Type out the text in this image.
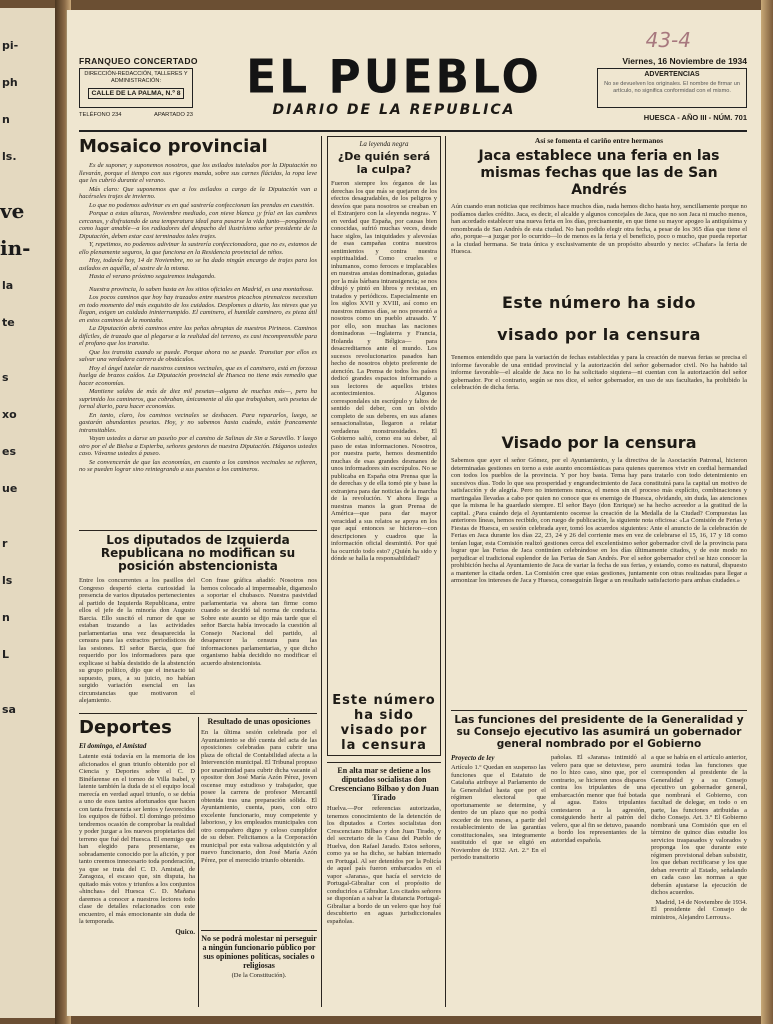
pi-
ph
n
ls.
ve
in-
la
te
s
xo
es
ue
r
ls
n
L
sa
43-4
FRANQUEO CONCERTADO
DIRECCIÓN-REDACCIÓN, TALLERES Y ADMINISTRACIÓN:
CALLE DE LA PALMA, N.º 8
TELÉFONO 234	APARTADO 23
EL PUEBLO
DIARIO DE LA REPUBLICA
Viernes, 16 Noviembre de 1934
ADVERTENCIAS
No se devuelven los originales. El nombre de firmar un artículo, no significa conformidad con el mismo.
HUESCA - AÑO III - NÚM. 701
Mosaico provincial

Es de suponer, y suponemos nosotros, que los asilados tutelados por la Diputación no llevarán, porque el tiempo con sus rigores manda, sobre sus carnes flácidas, la ropa leve que les cubrió durante el verano.

Más claro: Que suponemos que a los asilados a cargo de la Diputación van a hacérseles trajes de invierno.

Lo que no podemos adivinar es en qué sastrería confeccionan las prendas en cuestión.

Porque a estas alturas, Noviembre mediado, con nieve blanca ¡y fría! en las cumbres cercanas, y disfrutando de una temperatura ideal para pasarse la vida junto—pongámoslo como lugar amable—a los radiadores del despacho del ilustrísimo señor presidente de la Diputación, deben estar casi terminados tales trajes.

Y, repetimos, no podemos adivinar la sastrería confeccionadora, que no es, estamos de ello plenamente seguros, la que funciona en la Residencia provincial de niños.

Hoy, todavía hoy, 14 de Noviembre, no se ha dado ningún encargo de trajes para los asilados en aquélla, al sastre de la misma.

Hasta el verano próximo seguiremos indagando.

Nuestra provincia, lo saben hasta en los sitios oficiales en Madrid, es una montañosa.

Los pocos caminos que hoy hay trazados entre nuestros picachos pirenaicos necesitan en todo momento del más exquisito de los cuidados. Desplomes a diario, las nieves que ya llegan, exigen un cuidado ininterrumpido. El caminero, el humilde caminero, es pieza útil en estos caminos de la montaña.

La Diputación abrió caminos entre las peñas abruptas de nuestros Pirineos. Caminos difíciles, de trazado que al plegarse a la realidad del terreno, es casi incomprensible para el profano que los transita.

Que los transita cuando se puede. Porque ahora no se puede. Transitar por ellos es salvar una verdadera carrera de obstáculos.

Hoy el ángel tutelar de nuestros caminos vecinales, que es el caminero, está en forzosa huelga de brazos caídos. La Diputación provincial de Huesca no tiene más remedio que hacer economías.

Mantiene saldos de más de diez mil pesetas—alguna de muchas más—, pero ha suprimido los camineros, que cobraban, únicamente al día que trabajaban, seis pesetas de jornal diario, para hacer economías.

En tanto, claro, los caminos vecinales se deshacen. Para repararlos, luego, se gastarán abundantes pesetas. Hoy, y no sabemos hasta cuándo, están francamente intransitables.

Vayan ustedes a darse un paseíto por el camino de Salinas de Sin a Saravillo. Y luego otro por el de Bielsa a Espierba, señores gestores de nuestra Diputación. Háganos ustedes caso. Vávanse ustedes á paseo.

Se convencerán de que las economías, en cuanto a los caminos vecinales se refieren, no se pueden lograr sino reintegrando a sus puestos a los camineros.

Los diputados de Izquierda Republicana no modifican su posición abstencionista
Entre los concurrentes a los pasillos del Congreso despertó cierta curiosidad la presencia de varios diputados pertenecientes al partido de Izquierda Republicana, entre ellos el jefe de la minoría don Augusto Barcia. Ello suscitó el rumor de que se estaban trazando a las actividades parlamentarias una vez desaparecida la censura para las extractos periodísticos de las sesiones. El señor Barcia, que fué requerido por los informadores para que explicase si había desistido de la abstención su grupo político, dijo que el inexacto tal supuesto, pues, a su juicio, no habían surgido variación esencial en las circunstancias que motivaron el alejamiento.
Con frase gráfica añadió: Nosotros nos hemos colocado al impermeable, digamoslo a soportar el chubasco. Nuestra pasividad parlamentaria va ahora tan firme como cuando se decidió tal norma de conducta. Sobre este asunto se dijo más tarde que el señor Barcia había invocado la cuestión al Consejo Nacional del partido, al desaparecer la censura para las informaciones parlamentarias, y que dicho organismo había decidido no modificar el acuerdo abstencionista.
Deportes
El domingo, el Amistad
Latente está todavía en la memoria de los aficionados el gran triunfo obtenido por el Ciencia y Deportes sobre el C. D Binéfarense en el torneo de Villa Isabel, y latente también la duda de si el equipo local merecía en verdad aquel triunfo, o se debía a uno de esos tantos afortunados que hacen con tanta frecuencia ser lentos y favorecidos los equipos de fútbol. El domingo próximo tendremos ocasión de comprobar la realidad y poder juzgar a los nuevos propietarios del terreno que fué del Huesca. El enemigo que han elegido para presentarse, es sobradamente conocido por la afición, y por tanto creemos innecesario toda ponderación, ya que se trata del C. D. Amistad, de Zaragoza, el escaso que, sin disputa, ha quitado más votos y triunfos a los conjuntos «hinchas» del Huesca C. D. Mañana daremos a conocer a nuestros lectores todo clase de detalles relacionados con este encuentro, el más emocionante sin duda de la temporada.
Quico.
Resultado de unas oposiciones
En la última sesión celebrada por el Ayuntamiento se dió cuenta del acta de las oposiciones celebradas para cubrir una plaza de oficial de Contabilidad afecta a la Intervención municipal. El Tribunal propuso por unanimidad para cubrir dicha vacante al opositor don José María Azón Pérez, joven oscense muy estudioso y trabajador, que posee la carrera de profesor Mercantil obtenida tras una preparación sólida. El Ayuntamiento, cuenta, pues, con otro excelente funcionario, muy competente y laborioso, y los empleados municipales con otro compañero digno y celoso cumplidor de su deber. Felicitamos a la Corporación municipal por esta valiosa adquisición y al nuevo funcionario, don José María Azón Pérez, por el merecido triunfo obtenido.
No se podrá molestar ni perseguir a ningún funcionario público por sus opiniones políticas, sociales o religiosas
(De la Constitución).
La leyenda negra
¿De quién será la culpa?
Fueron siempre los órganos de las derechas los que más se quejaron de los efectos desagradables, de los peligros y desvíos que para nosotros se creaban en el Extranjero con la «leyenda negra». Y en verdad que España, por causas bien conocidas, sufrió muchas veces, desde hace siglos, las iniquidades y alevosías de esas campañas contra nuestros sentimientos y contra nuestra espiritualidad. Como crueles e inhumanos, como feroces e implacables en nuestras ansias dominadoras, guiadas por la más bárbara intransigencia; se nos dibujó y pintó en libros y revistas, en tratados y periódicos. Especialmente en los siglos XVII y XVIII, así como en nuestros mismos días, se nos presentó a nosotros como un pueblo atrasado. Y por ello, son muchas las naciones dominadoras —Inglaterra y Francia, Holanda y Bélgica— para desacreditarnos ante el mundo. Los sucesos revolucionarios pasados han hecho de nosotros objeto preferente de atención. La Prensa de todos los países dedicó grandes espacios informando a sus lectores de aquellos tristes acontecimientos. Algunos correspondales sin escrúpulo y faltos de sentido del deber, con un olvido completo de sus deberes, en sus afanes sensacionalistas, llegaron a relatar verdaderas monstruosidades. El Gobierno salió, como era su deber, al paso de estas informaciones. Nosotros, por nuestra parte, hemos desmentido muchas de esas grandes desmanes de unos informadores sin escrúpulos. No se publicaba en España otra Prensa que la de derechas y de ella tomó pie y base la extranjera para dar noticias de la marcha de la revolución. Y ahora llega a nuestras manos la gran Prensa de América—que para dar mayor veracidad a sus relatos se apoya en los que aquí entonces se hicieron—con descripciones y cuadros que la información oficial desmintió. Por qué ha ocurrido todo esto? ¿Quién ha sido y dónde se halla la responsabilidad?
Este número ha sido visado por la censura
En alta mar se detiene a los diputados socialistas don Crescenciano Bilbao y don Juan Tirado
Huelva.—Por referencias autorizadas, tenemos conocimiento de la detención de los diputados a Cortes socialistas don Crescenciano Bilbao y don Juan Tirado, y del secretario de la Casa del Pueblo de Huelva, don Rafael Jarado. Estos señores, como ya se ha dicho, se habían internado en Portugal. Al ser detenidos por la Policía de aquel país fueron embarcados en el vapor «Jarana», que hacía el servicio de Portugal-Gibraltar con el propósito de conducirlos a Gibraltar. Los citados señores se disponían a salvar la distancia Portugal-Gibraltar a bordo de un velero que hoy fué descubierto en aguas jurisdiccionales españolas.
Así se fomenta el cariño entre hermanos
Jaca establece una feria en las mismas fechas que las de San Andrés
Aún cuando eran noticias que recibimos hace muchos días, nada hemos dicho hasta hoy, sencillamente porque no podíamos darles crédito. Jaca, es decir, el alcalde y algunos concejales de Jaca, que no son Jaca ni mucho menos, han acordado establecer una nueva feria en los días, precisamente, en que tiene su mayor apogeo la antiquísima y renombrada de San Andrés de esta ciudad. No han podido elegir otra fecha, a pesar de los 365 días que tiene el año, porque—a juzgar por lo ocurrido—lo de menos es la feria y el beneficio, poco o mucho, que pueda reportar a la ciudad hermana. Se trata única y exclusivamente de un propósito absurdo y necio: «Chafar» la feria de Huesca.
Este número ha sido
visado por la censura
Tenemos entendido que para la variación de fechas establecidas y para la creación de nuevas ferias se precisa el informe favorable de una entidad provincial y la autorización del señor gobernador civil. No ha habido tal informe favorable—el alcalde de Jaca no lo ha solicitado siquiera—ni cuentan con la autorización del señor gobernador. Por el contrario, según se nos dice, el señor gobernador, en uso de sus facultades, ha prohibido la celebración de dicha feria.
Visado por la censura
Sabemos que ayer el señor Gómez, por el Ayuntamiento, y la directiva de la Asociación Patronal, hicieron determinadas gestiones en torno a este asunto encomiásticas para quienes queremos vivir en cordial hermandad con todos los pueblos de la provincia. Y por hoy basta. Tema hay para tratarlo con todo detenimiento en sucesivos días. Todo lo que sea prosperidad y engrandecimiento de Jaca constituirá para la capital un motivo de satisfacción y de alegría. Pero no intentemos nunca, el menos sin el proceso más explícito, combinaciones y martingalas llevadas a cabo por quien no conoce que es enemigo de Huesca, olvidando, sin duda, las atenciones que la misma le ha guardado siempre. El señor Bayo (don Enrique) se ha hecho acreedor a la gratitud de la capital. ¿Para cuándo deja el Ayuntamiento oscense la creación de la Medalla de la Ciudad? Compuestas las anteriores líneas, hemos recibido, con ruego de publicación, la siguiente nota oficiosa: «La Comisión de Ferias y Fiestas de Huesca, en sesión celebrada ayer, tomó los acuerdos siguientes: Ante el anuncio de la celebración de Ferias en Jaca durante los días 22, 23, 24 y 26 del corriente mes en vez de celebrarse el 15, 16, 17 y 18 como tenían lugar, esta Comisión realizó gestiones cerca del excelentísimo señor gobernador civil de la provincia para lograr que las Ferias de Jaca continúen celebrándose en los días últimamente citados, y de este modo no perjudicar el tradicional esplendor de las Ferias de San Andrés. Por el señor gobernador civil se hizo conocer la prohibición hecha al Ayuntamiento de Jaca de variar la fecha de sus ferias, y estando, como es natural, dispuesto a mantener la citada orden. La Comisión cree que estas gestiones, juntamente con otras realizadas para llegar a armonizar los intereses de Jaca y Huesca, conseguirán llegar a un resultado satisfactorio para ambas ciudades.»
Las funciones del presidente de la Generalidad y su Consejo ejecutivo las asumirá un gobernador general nombrado por el Gobierno
Proyecto de ley
Artículo 1.º Quedan en suspenso las funciones que el Estatuto de Cataluña atribuye al Parlamento de la Generalidad hasta que por el régimen electoral que oportunamente se determine, y dentro de un plazo que no podrá exceder de tres meses, a partir del restablecimiento de las garantías constitucionales, sea integramente sustituido el que se eligió en Noviembre de 1932. Art. 2.º En el periodo transitorio
pañolas. El «Jarana» intimidó al velero para que se detuviese, pero no lo hizo caso, sino que, por el contrario, se hicieron unos disparos contra los tripulantes de una embarcación menor que fué botada al agua. Estos tripulantes contestaron a la agresión, consiguiendo herir al patrón del velero, que al fin se detuvo, pasando a bordo los representantes de la autoridad española.
a que se había en el artículo anterior, asumirá todas las funciones que corresponden al presidente de la Generalidad y a su Consejo ejecutivo un gobernador general, que nombrará el Gobierno, con facultad de delegar, en todo o en parte, las funciones atribuidas a dicho Consejo. Art. 3.º El Gobierno nombrará una Comisión que en el término de quince días estudie los servicios traspasados y valorados y proponga los que durante este régimen provisional deban subsistir, los que deban rectificarse y los que deban revertir al Estado, señalando en cada caso las normas a que deberán ajustarse la ejecución de dichos acuerdos.
Madrid, 14 de Noviembre de 1934.
El presidente del Consejo de ministros, Alejandro Lerroux».
